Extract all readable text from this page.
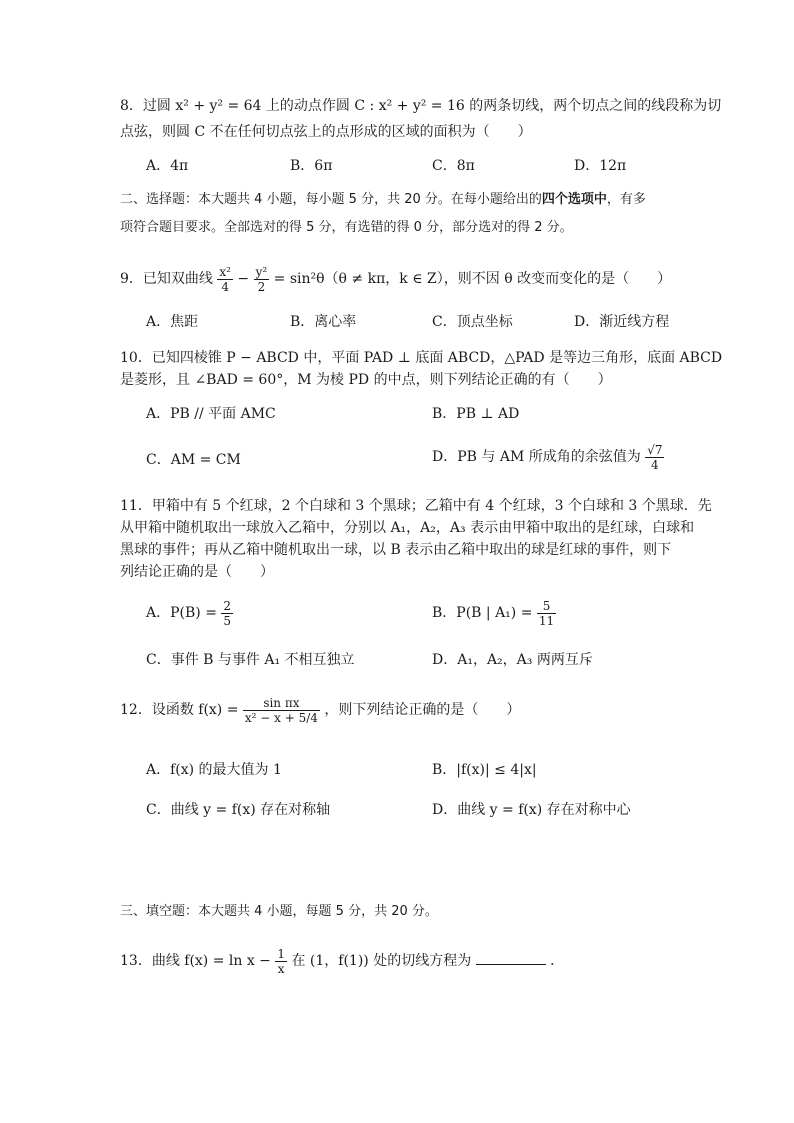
8．过圆 x² + y² = 64 上的动点作圆 C : x² + y² = 16 的两条切线，两个切点之间的线段称为切
点弦，则圆 C 不在任何切点弦上的点形成的区域的面积为（　　）
A．4π	B．6π	C．8π	D．12π
二、选择题：本大题共 4 小题，每小题 5 分，共 20 分。在每小题给出的四个选项中，有多
项符合题目要求。全部选对的得 5 分，有选错的得 0 分，部分选对的得 2 分。
9．已知双曲线 $\frac{\text{x²}}{4} - \frac{\text{y²}}{2} = \sin^2\theta(\theta \ne k\pi$，k ∈ Z），则不因 θ 改变而变化的是（　　）
A．焦距	B．离心率	C．顶点坐标	D．渐近线方程
10．已知四棱锥 P − ABCD 中，平面 PAD ⊥ 底面 ABCD，△PAD 是等边三角形，底面 ABCD
是菱形，且 ∠BAD = 60°，M 为棱 PD 的中点，则下列结论正确的有（　　）
A．PB // 平面 AMC	B．PB ⊥ AD
C．AM = CM	D．PB 与 AM 所成角的余弦值为 $\frac{√7}{4}$
11．甲箱中有 5 个红球，2 个白球和 3 个黑球；乙箱中有 4 个红球，3 个白球和 3 个黑球．先
从甲箱中随机取出一球放入乙箱中，分别以 A₁，A₂，A₃ 表示由甲箱中取出的是红球，白球和
黑球的事件；再从乙箱中随机取出一球，以 B 表示由乙箱中取出的球是红球的事件，则下
列结论正确的是（　　）
A．$P(B) = \frac{2}{5}$	B．P(B | $A_1) = \frac{5}{11}$
C．事件 B 与事件 A₁ 不相互独立	D．A₁，A₂，A₃ 两两互斥
12．设函数 $f(x) = \frac{\text{sin πx}}{\text{x² − x + 5/4}}$ ，则下列结论正确的是（　　）
A．f(x) 的最大值为 1	B．|f(x)| ≤ 4|x|
C．曲线 y = f(x) 存在对称轴	D．曲线 y = f(x) 存在对称中心
三、填空题：本大题共 4 小题，每题 5 分，共 20 分。
13．曲线 $f(x) = \ln x - \frac{1}{x}$ 在 (1，f(1)) 处的切线方程为	．
